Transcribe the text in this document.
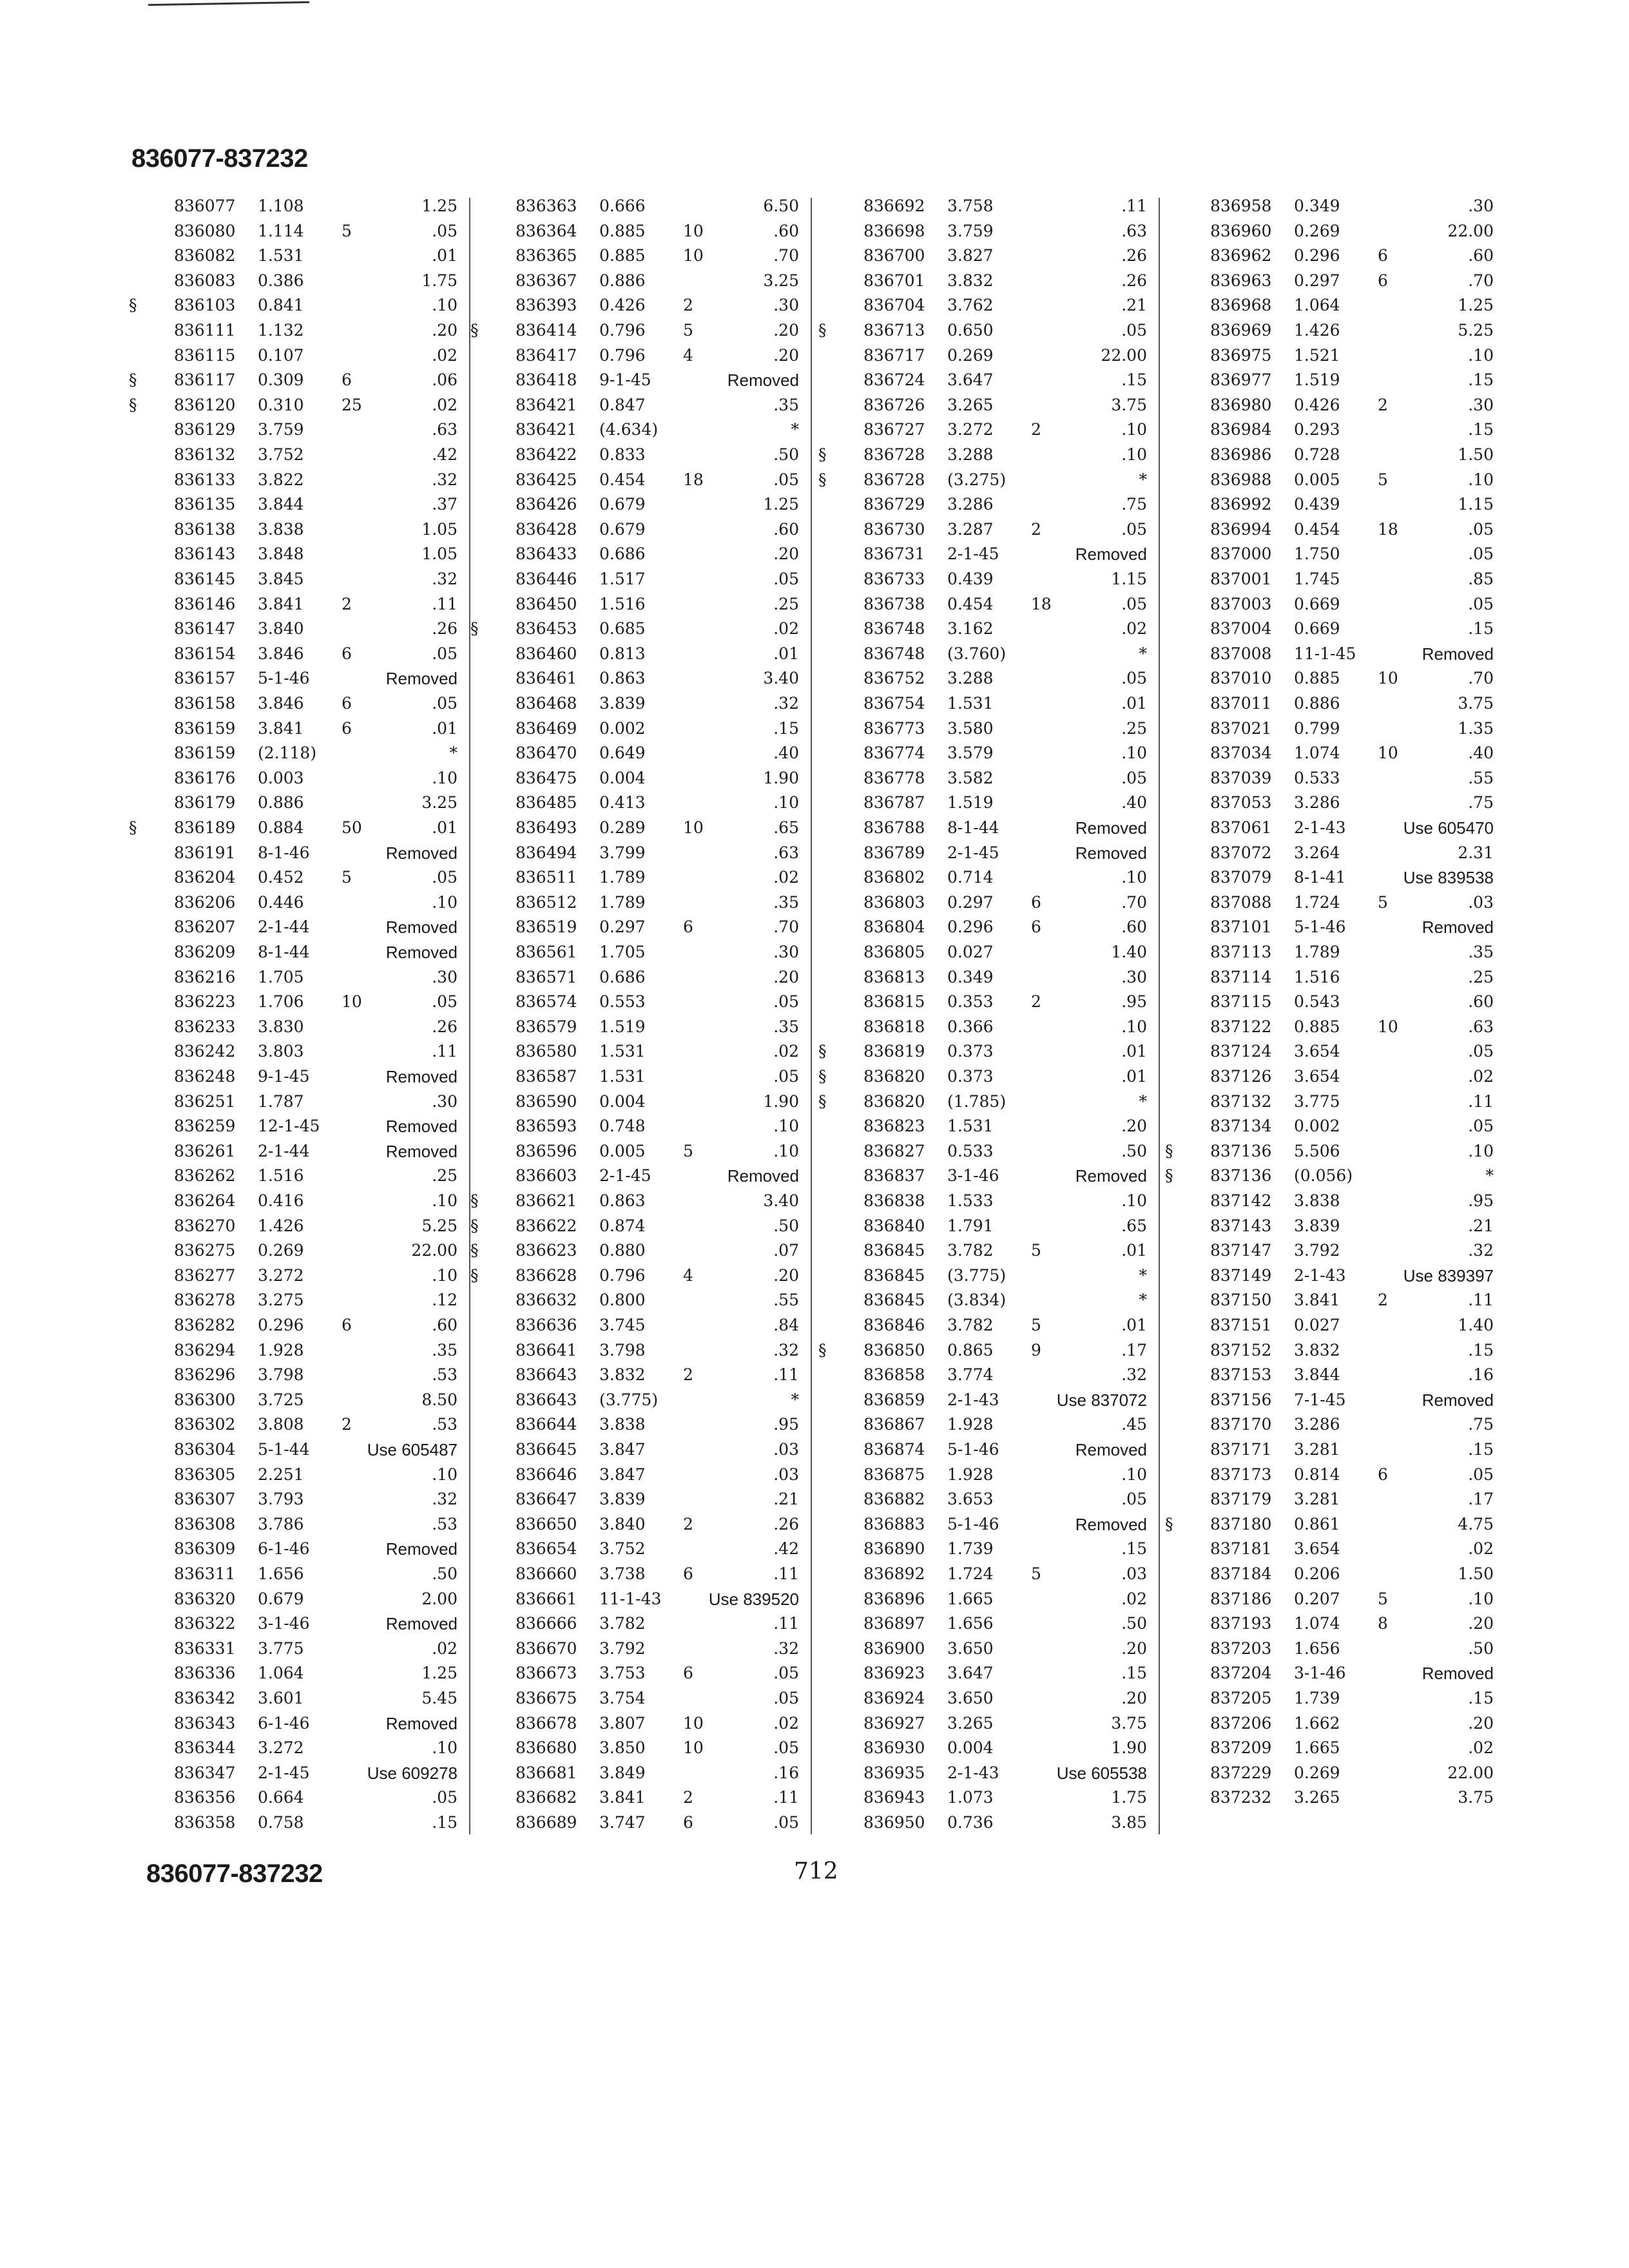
836077-837232
836077 1.108	1.25
836080 1.114 5	.05
836082 1.531	.01
836083 0.386	1.75
§	836103 0.841	.10
836111 1.132	.20
836115 0.107	.02
§	836117 0.309 6	.06
§	836120 0.310 25	.02
836129 3.759	.63
836132 3.752	.42
836133 3.822	.32
836135 3.844	.37
836138 3.838	1.05
836143 3.848	1.05
836145 3.845	.32
836146 3.841 2	.11
836147 3.840	.26
836154 3.846 6	.05
836157 5-1-46	Removed
836158 3.846 6	.05
836159 3.841 6	.01
836159 (2.118)	*
836176 0.003	.10
836179 0.886	3.25
§	836189 0.884 50	.01
836191 8-1-46	Removed
836204 0.452 5	.05
836206 0.446	.10
836207 2-1-44	Removed
836209 8-1-44	Removed
836216 1.705	.30
836223 1.706 10	.05
836233 3.830	.26
836242 3.803	.11
836248 9-1-45	Removed
836251 1.787	.30
836259 12-1-45	Removed
836261 2-1-44	Removed
836262 1.516	.25
836264 0.416	.10
836270 1.426	5.25
836275 0.269	22.00
836277 3.272	.10
836278 3.275	.12
836282 0.296 6	.60
836294 1.928	.35
836296 3.798	.53
836300 3.725	8.50
836302 3.808 2	.53
836304 5-1-44	Use 605487
836305 2.251	.10
836307 3.793	.32
836308 3.786	.53
836309 6-1-46	Removed
836311 1.656	.50
836320 0.679	2.00
836322 3-1-46	Removed
836331 3.775	.02
836336 1.064	1.25
836342 3.601	5.45
836343 6-1-46	Removed
836344 3.272	.10
836347 2-1-45	Use 609278
836356 0.664	.05
836358 0.758	.15
836363 0.666	6.50
836364 0.885 10	.60
836365 0.885 10	.70
836367 0.886	3.25
836393 0.426 2	.30
§	836414 0.796 5	.20
836417 0.796 4	.20
836418 9-1-45	Removed
836421 0.847	.35
836421 (4.634)	*
836422 0.833	.50
836425 0.454 18	.05
836426 0.679	1.25
836428 0.679	.60
836433 0.686	.20
836446 1.517	.05
836450 1.516	.25
§	836453 0.685	.02
836460 0.813	.01
836461 0.863	3.40
836468 3.839	.32
836469 0.002	.15
836470 0.649	.40
836475 0.004	1.90
836485 0.413	.10
836493 0.289 10	.65
836494 3.799	.63
836511 1.789	.02
836512 1.789	.35
836519 0.297 6	.70
836561 1.705	.30
836571 0.686	.20
836574 0.553	.05
836579 1.519	.35
836580 1.531	.02
836587 1.531	.05
836590 0.004	1.90
836593 0.748	.10
836596 0.005 5	.10
836603 2-1-45	Removed
§	836621 0.863	3.40
§	836622 0.874	.50
§	836623 0.880	.07
§	836628 0.796 4	.20
836632 0.800	.55
836636 3.745	.84
836641 3.798	.32
836643 3.832 2	.11
836643 (3.775)	*
836644 3.838	.95
836645 3.847	.03
836646 3.847	.03
836647 3.839	.21
836650 3.840 2	.26
836654 3.752	.42
836660 3.738 6	.11
836661 11-1-43	Use 839520
836666 3.782	.11
836670 3.792	.32
836673 3.753 6	.05
836675 3.754	.05
836678 3.807 10	.02
836680 3.850 10	.05
836681 3.849	.16
836682 3.841 2	.11
836689 3.747 6	.05
836692 3.758	.11
836698 3.759	.63
836700 3.827	.26
836701 3.832	.26
836704 3.762	.21
§	836713 0.650	.05
836717 0.269	22.00
836724 3.647	.15
836726 3.265	3.75
836727 3.272 2	.10
§	836728 3.288	.10
§	836728 (3.275)	*
836729 3.286	.75
836730 3.287 2	.05
836731 2-1-45	Removed
836733 0.439	1.15
836738 0.454 18	.05
836748 3.162	.02
836748 (3.760)	*
836752 3.288	.05
836754 1.531	.01
836773 3.580	.25
836774 3.579	.10
836778 3.582	.05
836787 1.519	.40
836788 8-1-44	Removed
836789 2-1-45	Removed
836802 0.714	.10
836803 0.297 6	.70
836804 0.296 6	.60
836805 0.027	1.40
836813 0.349	.30
836815 0.353 2	.95
836818 0.366	.10
§	836819 0.373	.01
§	836820 0.373	.01
§	836820 (1.785)	*
836823 1.531	.20
836827 0.533	.50
836837 3-1-46	Removed
836838 1.533	.10
836840 1.791	.65
836845 3.782 5	.01
836845 (3.775)	*
836845 (3.834)	*
836846 3.782 5	.01
§	836850 0.865 9	.17
836858 3.774	.32
836859 2-1-43	Use 837072
836867 1.928	.45
836874 5-1-46	Removed
836875 1.928	.10
836882 3.653	.05
836883 5-1-46	Removed
836890 1.739	.15
836892 1.724 5	.03
836896 1.665	.02
836897 1.656	.50
836900 3.650	.20
836923 3.647	.15
836924 3.650	.20
836927 3.265	3.75
836930 0.004	1.90
836935 2-1-43	Use 605538
836943 1.073	1.75
836950 0.736	3.85
836958 0.349	.30
836960 0.269	22.00
836962 0.296 6	.60
836963 0.297 6	.70
836968 1.064	1.25
836969 1.426	5.25
836975 1.521	.10
836977 1.519	.15
836980 0.426 2	.30
836984 0.293	.15
836986 0.728	1.50
836988 0.005 5	.10
836992 0.439	1.15
836994 0.454 18	.05
837000 1.750	.05
837001 1.745	.85
837003 0.669	.05
837004 0.669	.15
837008 11-1-45	Removed
837010 0.885 10	.70
837011 0.886	3.75
837021 0.799	1.35
837034 1.074 10	.40
837039 0.533	.55
837053 3.286	.75
837061 2-1-43	Use 605470
837072 3.264	2.31
837079 8-1-41	Use 839538
837088 1.724 5	.03
837101 5-1-46	Removed
837113 1.789	.35
837114 1.516	.25
837115 0.543	.60
837122 0.885 10	.63
837124 3.654	.05
837126 3.654	.02
837132 3.775	.11
837134 0.002	.05
§	837136 5.506	.10
§	837136 (0.056)	*
837142 3.838	.95
837143 3.839	.21
837147 3.792	.32
837149 2-1-43	Use 839397
837150 3.841 2	.11
837151 0.027	1.40
837152 3.832	.15
837153 3.844	.16
837156 7-1-45	Removed
837170 3.286	.75
837171 3.281	.15
837173 0.814 6	.05
837179 3.281	.17
§	837180 0.861	4.75
837181 3.654	.02
837184 0.206	1.50
837186 0.207 5	.10
837193 1.074 8	.20
837203 1.656	.50
837204 3-1-46	Removed
837205 1.739	.15
837206 1.662	.20
837209 1.665	.02
837229 0.269	22.00
837232 3.265	3.75
836077-837232	712
